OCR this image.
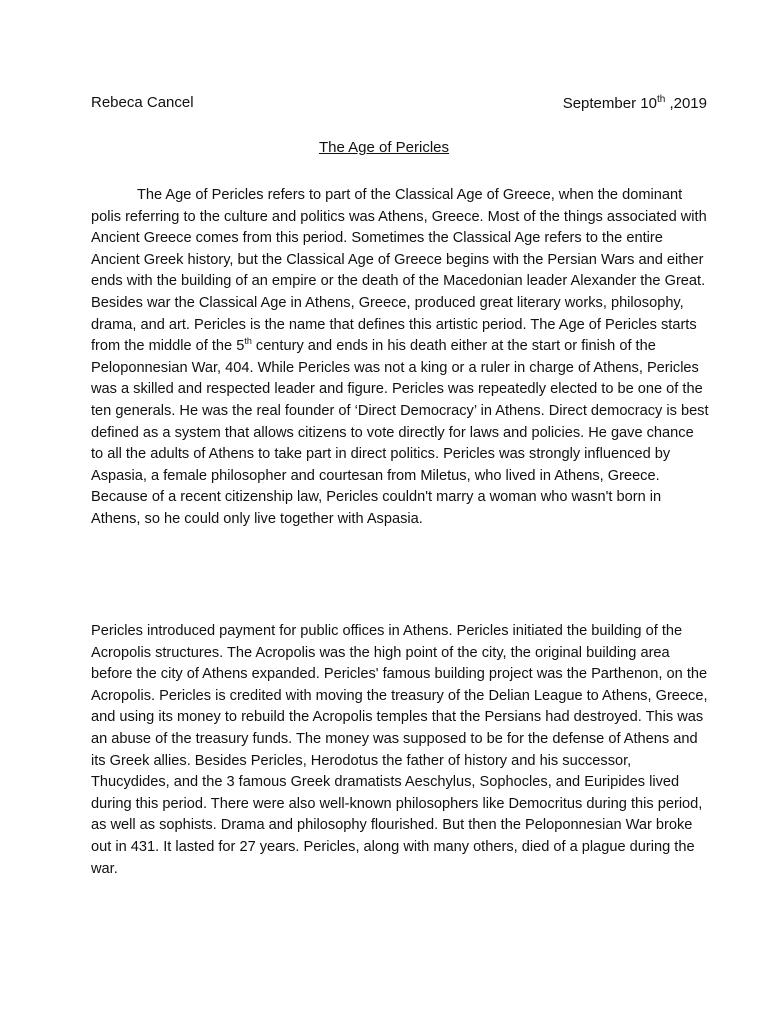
Rebeca Cancel	September 10th ,2019
The Age of Pericles

The Age of Pericles refers to part of the Classical Age of Greece, when the dominant polis referring to the culture and politics was Athens, Greece. Most of the things associated with Ancient Greece comes from this period. Sometimes the Classical Age refers to the entire Ancient Greek history, but the Classical Age of Greece begins with the Persian Wars and either ends with the building of an empire or the death of the Macedonian leader Alexander the Great. Besides war the Classical Age in Athens, Greece, produced great literary works, philosophy, drama, and art. Pericles is the name that defines this artistic period. The Age of Pericles starts from the middle of the 5th century and ends in his death either at the start or finish of the Peloponnesian War, 404. While Pericles was not a king or a ruler in charge of Athens, Pericles was a skilled and respected leader and figure. Pericles was repeatedly elected to be one of the ten generals. He was the real founder of ‘Direct Democracy’ in Athens. Direct democracy is best defined as a system that allows citizens to vote directly for laws and policies. He gave chance to all the adults of Athens to take part in direct politics. Pericles was strongly influenced by Aspasia, a female philosopher and courtesan from Miletus, who lived in Athens, Greece. Because of a recent citizenship law, Pericles couldn't marry a woman who wasn't born in Athens, so he could only live together with Aspasia.

Pericles introduced payment for public offices in Athens. Pericles initiated the building of the Acropolis structures. The Acropolis was the high point of the city, the original building area before the city of Athens expanded. Pericles' famous building project was the Parthenon, on the Acropolis. Pericles is credited with moving the treasury of the Delian League to Athens, Greece, and using its money to rebuild the Acropolis temples that the Persians had destroyed. This was an abuse of the treasury funds. The money was supposed to be for the defense of Athens and its Greek allies. Besides Pericles, Herodotus the father of history and his successor, Thucydides, and the 3 famous Greek dramatists Aeschylus, Sophocles, and Euripides lived during this period. There were also well-known philosophers like Democritus during this period, as well as sophists. Drama and philosophy flourished. But then the Peloponnesian War broke out in 431. It lasted for 27 years. Pericles, along with many others, died of a plague during the war.
